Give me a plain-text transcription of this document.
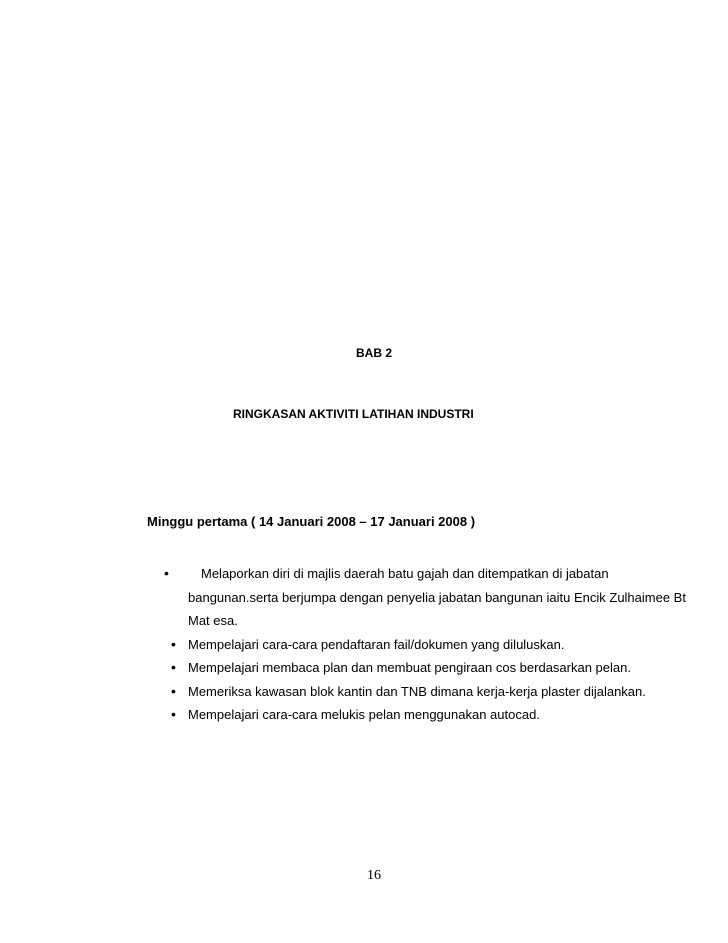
BAB 2
RINGKASAN AKTIVITI LATIHAN INDUSTRI
Minggu pertama ( 14 Januari 2008 – 17 Januari 2008 )
•	Melaporkan diri di majlis daerah batu gajah dan ditempatkan di jabatan bangunan.serta berjumpa dengan penyelia jabatan bangunan iaitu Encik Zulhaimee Bt Mat esa.
• Mempelajari cara-cara pendaftaran fail/dokumen yang diluluskan.
• Mempelajari membaca plan dan membuat pengiraan cos berdasarkan pelan.
• Memeriksa kawasan blok kantin dan TNB dimana kerja-kerja plaster dijalankan.
• Mempelajari cara-cara melukis pelan menggunakan autocad.
16
